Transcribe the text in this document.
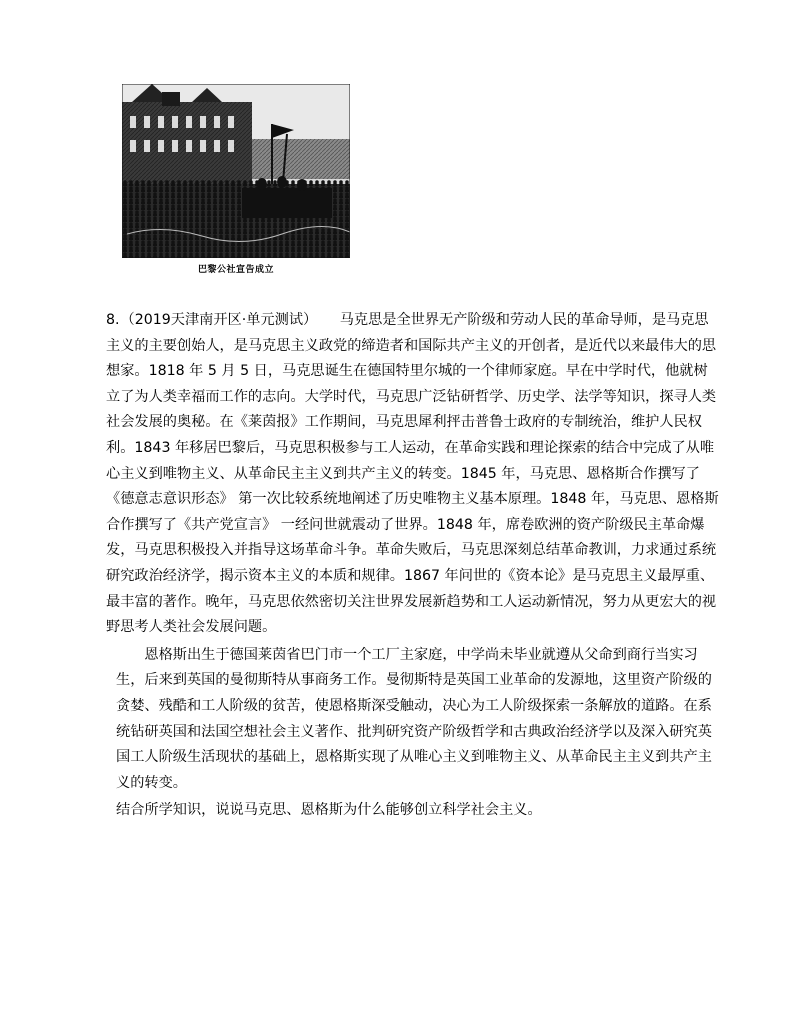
巴黎公社宣告成立

8. （2019天津南开区·单元测试） 马克思是全世界无产阶级和劳动人民的革命导师，是马克思主义的主要创始人，是马克思主义政党的缔造者和国际共产主义的开创者，是近代以来最伟大的思想家。1818 年 5 月 5 日，马克思诞生在德国特里尔城的一个律师家庭。早在中学时代，他就树立了为人类幸福而工作的志向。大学时代，马克思广泛钻研哲学、历史学、法学等知识，探寻人类社会发展的奥秘。在《莱茵报》工作期间，马克思犀利抨击普鲁士政府的专制统治，维护人民权利。1843 年移居巴黎后，马克思积极参与工人运动，在革命实践和理论探索的结合中完成了从唯心主义到唯物主义、从革命民主主义到共产主义的转变。1845 年，马克思、恩格斯合作撰写了《德意志意识形态》 第一次比较系统地阐述了历史唯物主义基本原理。1848 年，马克思、恩格斯合作撰写了《共产党宣言》 一经问世就震动了世界。1848 年，席卷欧洲的资产阶级民主革命爆发，马克思积极投入并指导这场革命斗争。革命失败后，马克思深刻总结革命教训，力求通过系统研究政治经济学，揭示资本主义的本质和规律。1867 年问世的《资本论》是马克思主义最厚重、最丰富的著作。晚年，马克思依然密切关注世界发展新趋势和工人运动新情况，努力从更宏大的视野思考人类社会发展问题。

恩格斯出生于德国莱茵省巴门市一个工厂主家庭，中学尚未毕业就遵从父命到商行当实习生，后来到英国的曼彻斯特从事商务工作。曼彻斯特是英国工业革命的发源地，这里资产阶级的贪婪、残酷和工人阶级的贫苦，使恩格斯深受触动，决心为工人阶级探索一条解放的道路。在系统钻研英国和法国空想社会主义著作、批判研究资产阶级哲学和古典政治经济学以及深入研究英国工人阶级生活现状的基础上，恩格斯实现了从唯心主义到唯物主义、从革命民主主义到共产主义的转变。

结合所学知识，说说马克思、恩格斯为什么能够创立科学社会主义。
